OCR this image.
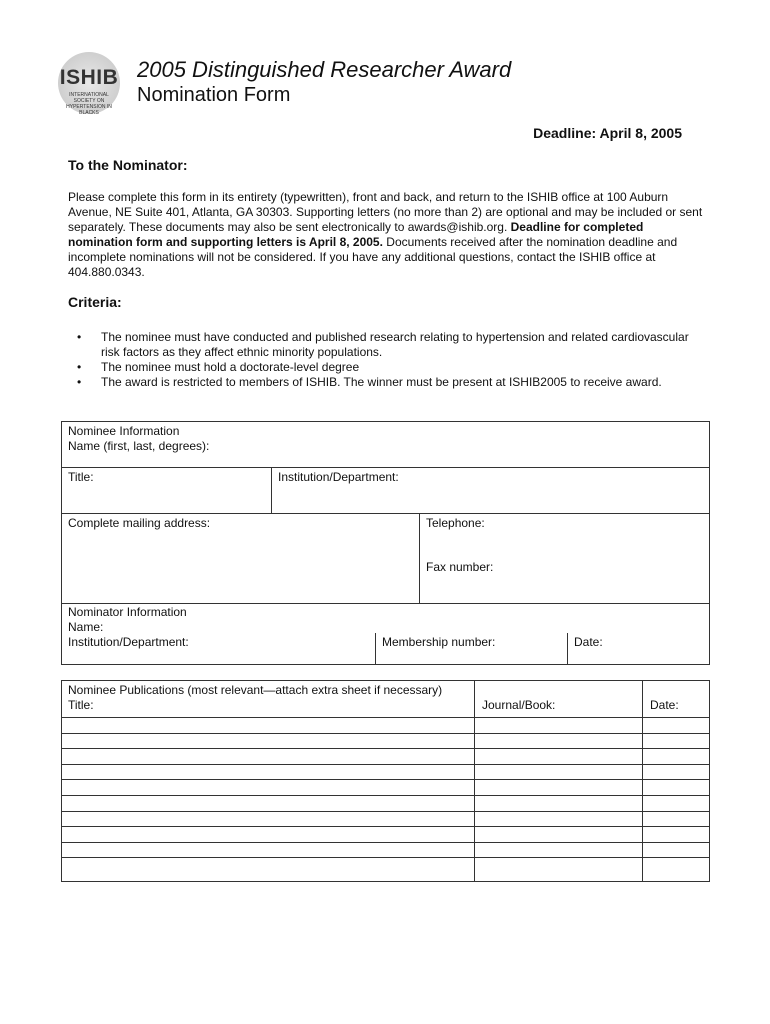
ISHIB
INTERNATIONAL SOCIETY ON HYPERTENSION IN BLACKS
2005 Distinguished Researcher Award
Nomination Form
Deadline: April 8, 2005
To the Nominator:

Please complete this form in its entirety (typewritten), front and back, and return to the ISHIB office at 100 Auburn Avenue, NE Suite 401, Atlanta, GA 30303. Supporting letters (no more than 2) are optional and may be included or sent separately. These documents may also be sent electronically to awards@ishib.org. Deadline for completed nomination form and supporting letters is April 8, 2005. Documents received after the nomination deadline and incomplete nominations will not be considered. If you have any additional questions, contact the ISHIB office at 404.880.0343.

Criteria:
• The nominee must have conducted and published research relating to hypertension and related cardiovascular risk factors as they affect ethnic minority populations.
• The nominee must hold a doctorate-level degree
• The award is restricted to members of ISHIB. The winner must be present at ISHIB2005 to receive award.
Nominee Information
Name (first, last, degrees):
Title:	Institution/Department:
Complete mailing address:	Telephone:
Fax number:
Nominator Information
Name:
Institution/Department:	Membership number:	Date:
Nominee Publications (most relevant—attach extra sheet if necessary)
Title:	Journal/Book:	Date:
